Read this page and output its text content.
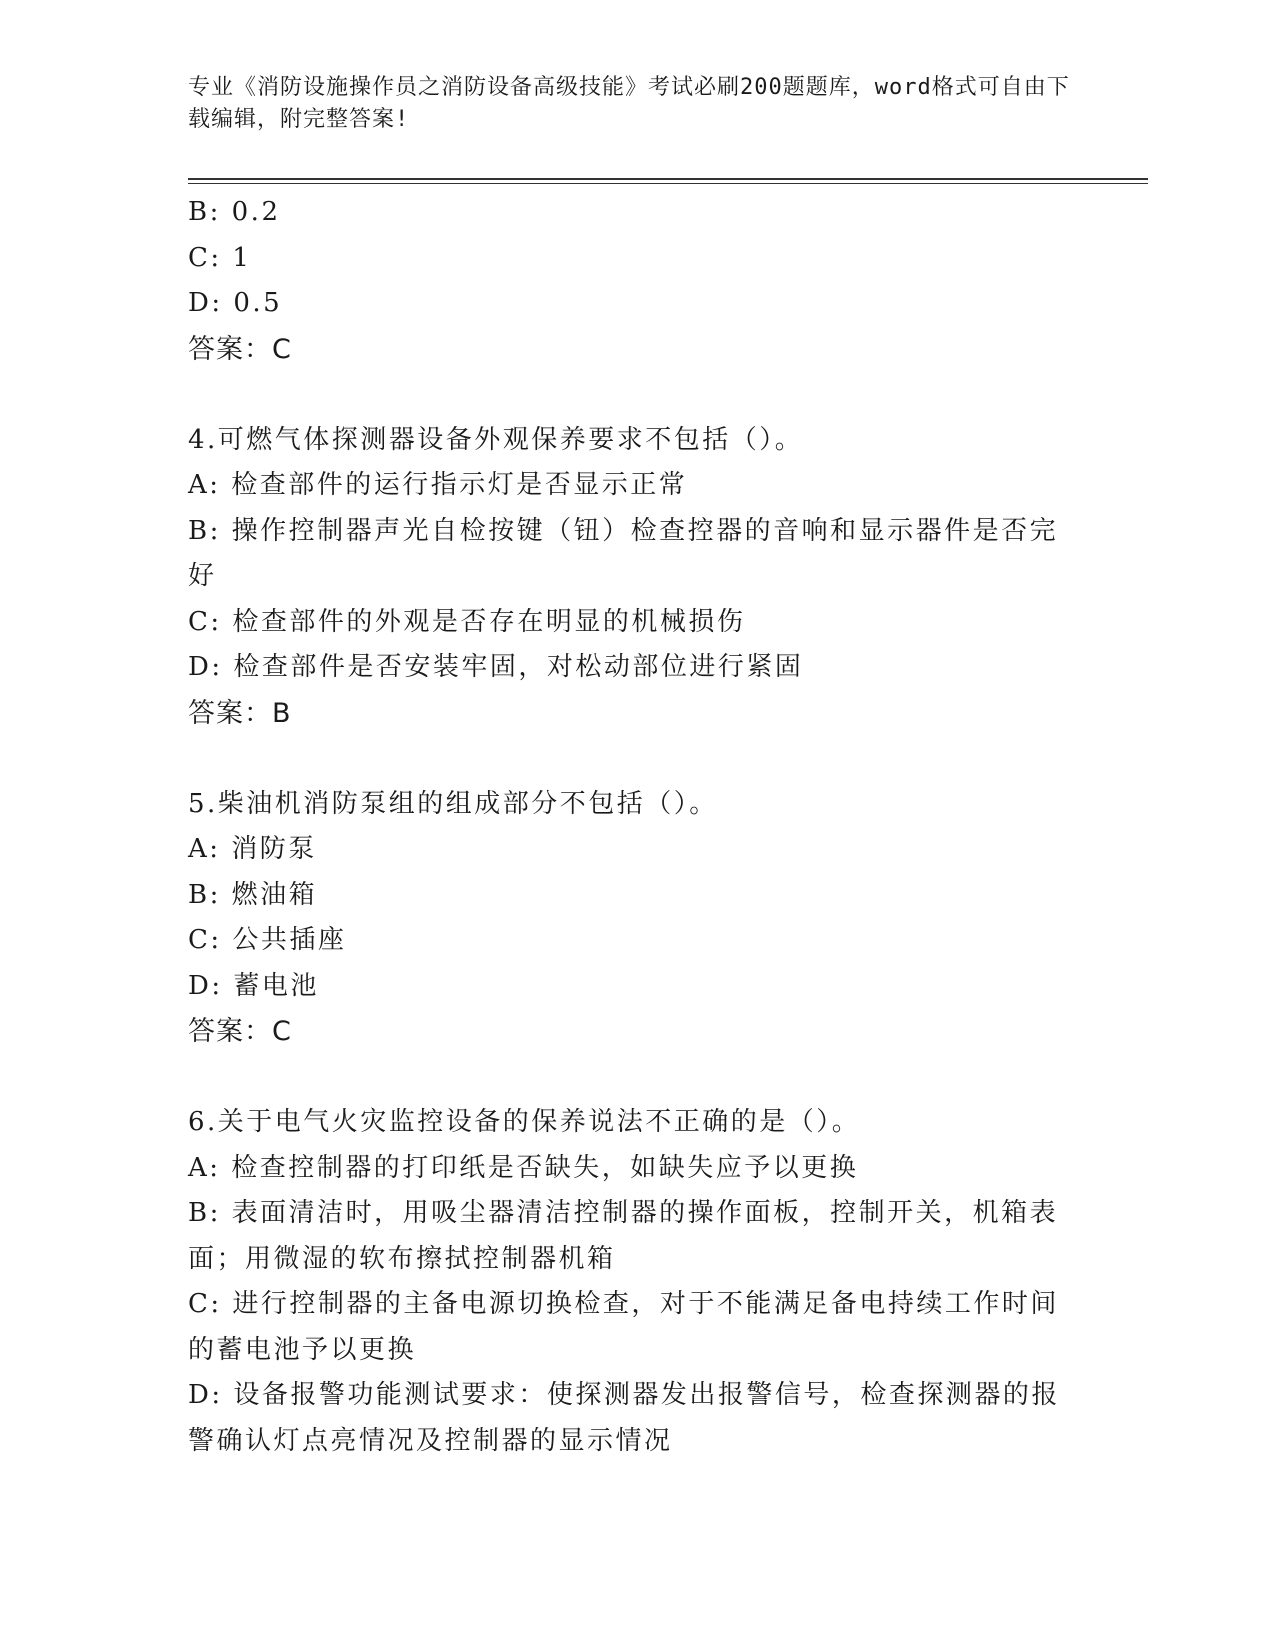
专业《消防设施操作员之消防设备高级技能》考试必刷200题题库，word格式可自由下载编辑，附完整答案!

B: 0.2

C: 1

D: 0.5

答案：C

4.可燃气体探测器设备外观保养要求不包括（）。

A: 检查部件的运行指示灯是否显示正常

B: 操作控制器声光自检按键（钮）检查控器的音响和显示器件是否完好

C: 检查部件的外观是否存在明显的机械损伤

D: 检查部件是否安装牢固，对松动部位进行紧固

答案：B

5.柴油机消防泵组的组成部分不包括（）。

A: 消防泵

B: 燃油箱

C: 公共插座

D: 蓄电池

答案：C

6.关于电气火灾监控设备的保养说法不正确的是（）。

A: 检查控制器的打印纸是否缺失，如缺失应予以更换

B: 表面清洁时，用吸尘器清洁控制器的操作面板，控制开关，机箱表面；用微湿的软布擦拭控制器机箱

C: 进行控制器的主备电源切换检查，对于不能满足备电持续工作时间的蓄电池予以更换

D: 设备报警功能测试要求：使探测器发出报警信号，检查探测器的报警确认灯点亮情况及控制器的显示情况
